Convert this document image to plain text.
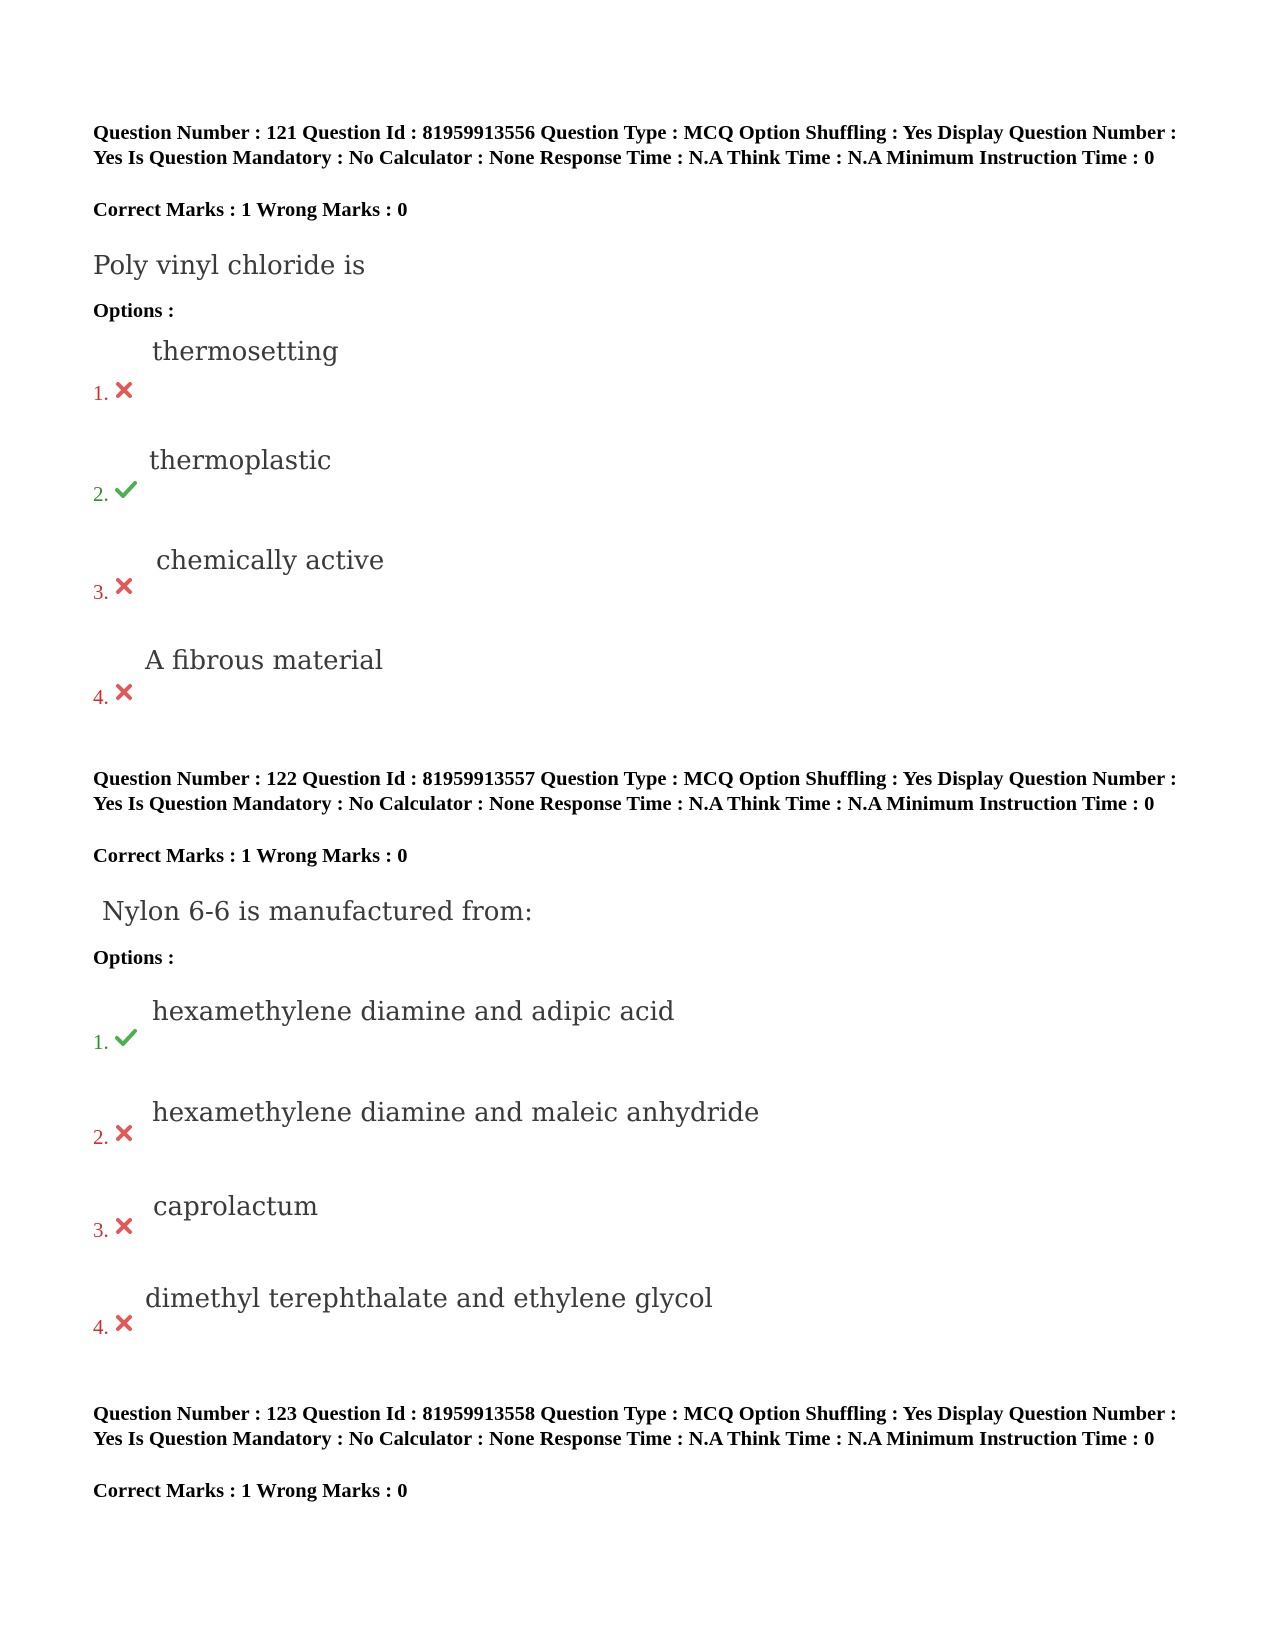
Question Number : 121 Question Id : 81959913556 Question Type : MCQ Option Shuffling : Yes Display Question Number : Yes Is Question Mandatory : No Calculator : None Response Time : N.A Think Time : N.A Minimum Instruction Time : 0
Correct Marks : 1 Wrong Marks : 0
Poly vinyl chloride is
Options :
thermosetting
1.
thermoplastic
2.
chemically active
3.
A fibrous material
4.
Question Number : 122 Question Id : 81959913557 Question Type : MCQ Option Shuffling : Yes Display Question Number : Yes Is Question Mandatory : No Calculator : None Response Time : N.A Think Time : N.A Minimum Instruction Time : 0
Correct Marks : 1 Wrong Marks : 0
Nylon 6-6 is manufactured from:
Options :
hexamethylene diamine and adipic acid
1.
hexamethylene diamine and maleic anhydride
2.
caprolactum
3.
dimethyl terephthalate and ethylene glycol
4.
Question Number : 123 Question Id : 81959913558 Question Type : MCQ Option Shuffling : Yes Display Question Number : Yes Is Question Mandatory : No Calculator : None Response Time : N.A Think Time : N.A Minimum Instruction Time : 0
Correct Marks : 1 Wrong Marks : 0
